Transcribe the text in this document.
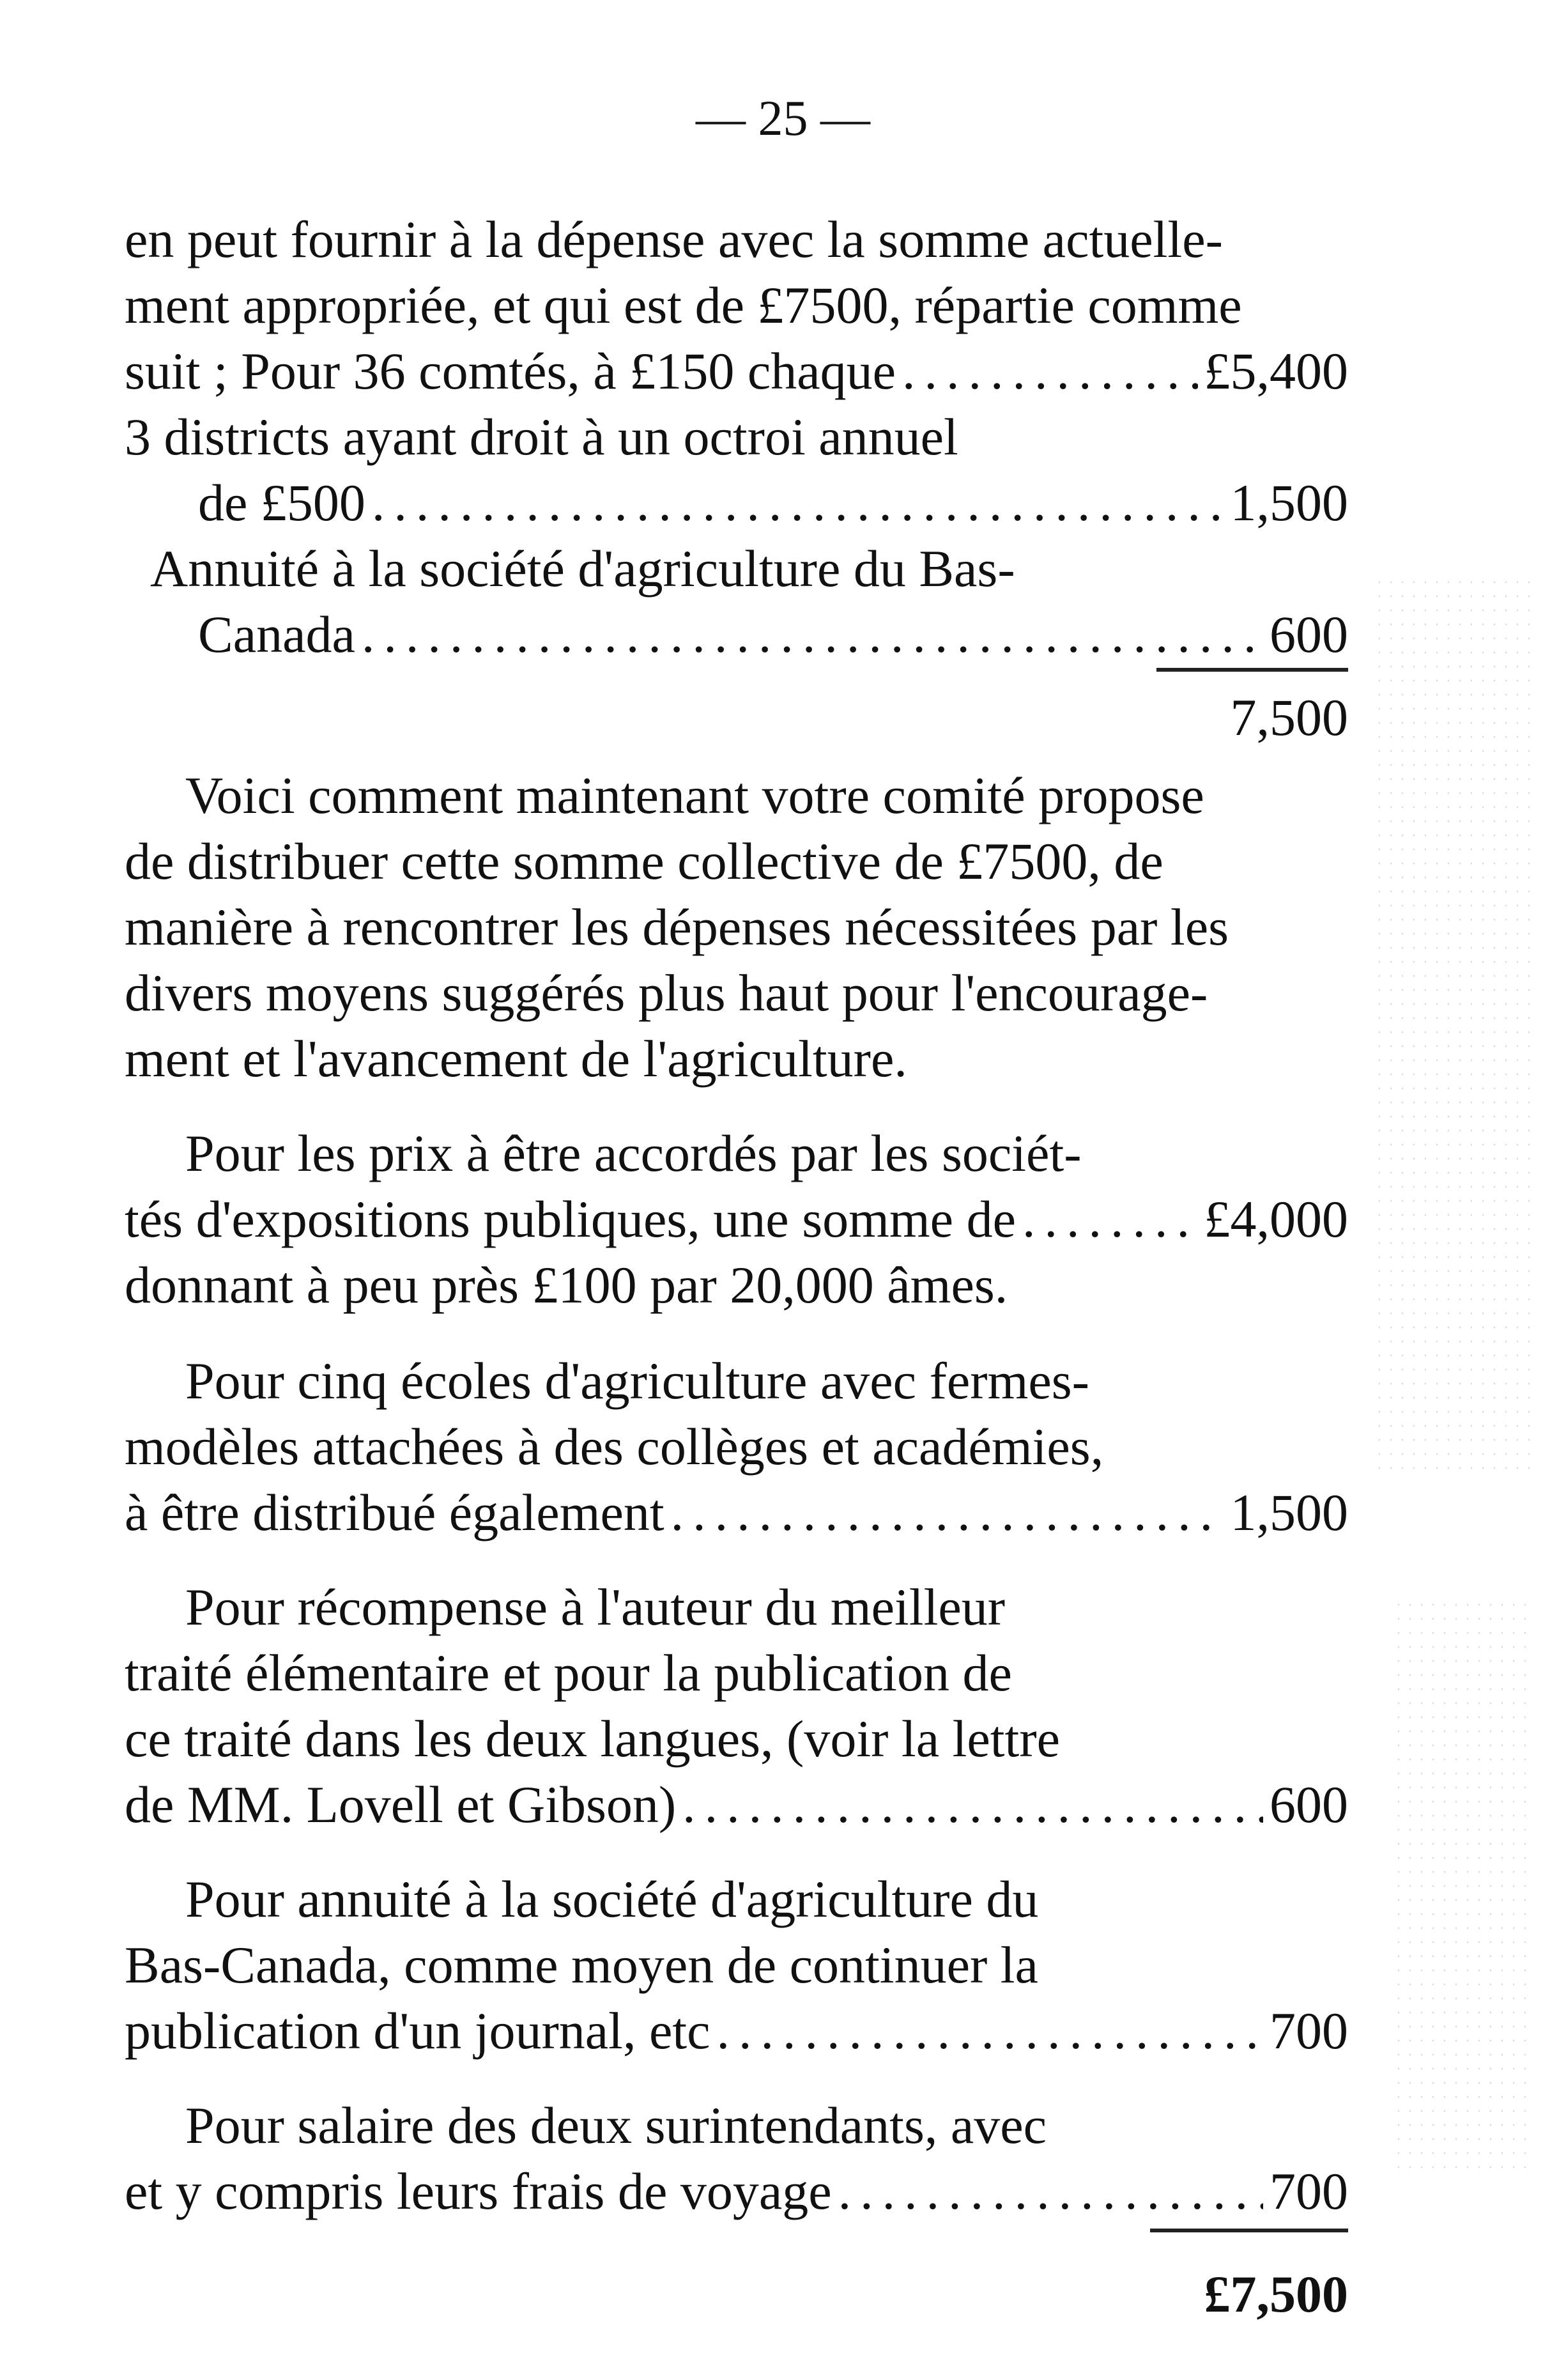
— 25 —
en peut fournir à la dépense avec la somme actuelle-
ment appropriée, et qui est de £7500, répartie comme
suit ; Pour 36 comtés, à £150 chaque .....	£5,400
3 districts ayant droit à un octroi annuel
de £500 .....	1,500
Annuité à la société d'agriculture du Bas-
Canada .....	600
7,500
Voici comment maintenant votre comité propose
de distribuer cette somme collective de £7500, de
manière à rencontrer les dépenses nécessitées par les
divers moyens suggérés plus haut pour l'encourage-
ment et l'avancement de l'agriculture.
Pour les prix à être accordés par les sociét-
tés d'expositions publiques, une somme de .....	£4,000
donnant à peu près £100 par 20,000 âmes.
Pour cinq écoles d'agriculture avec fermes-
modèles attachées à des collèges et académies,
à être distribué également .....	1,500
Pour récompense à l'auteur du meilleur
traité élémentaire et pour la publication de
ce traité dans les deux langues, (voir la lettre
de MM. Lovell et Gibson) .....	600
Pour annuité à la société d'agriculture du
Bas-Canada, comme moyen de continuer la
publication d'un journal, etc .....	700
Pour salaire des deux surintendants, avec
et y compris leurs frais de voyage .....	700
£7,500
